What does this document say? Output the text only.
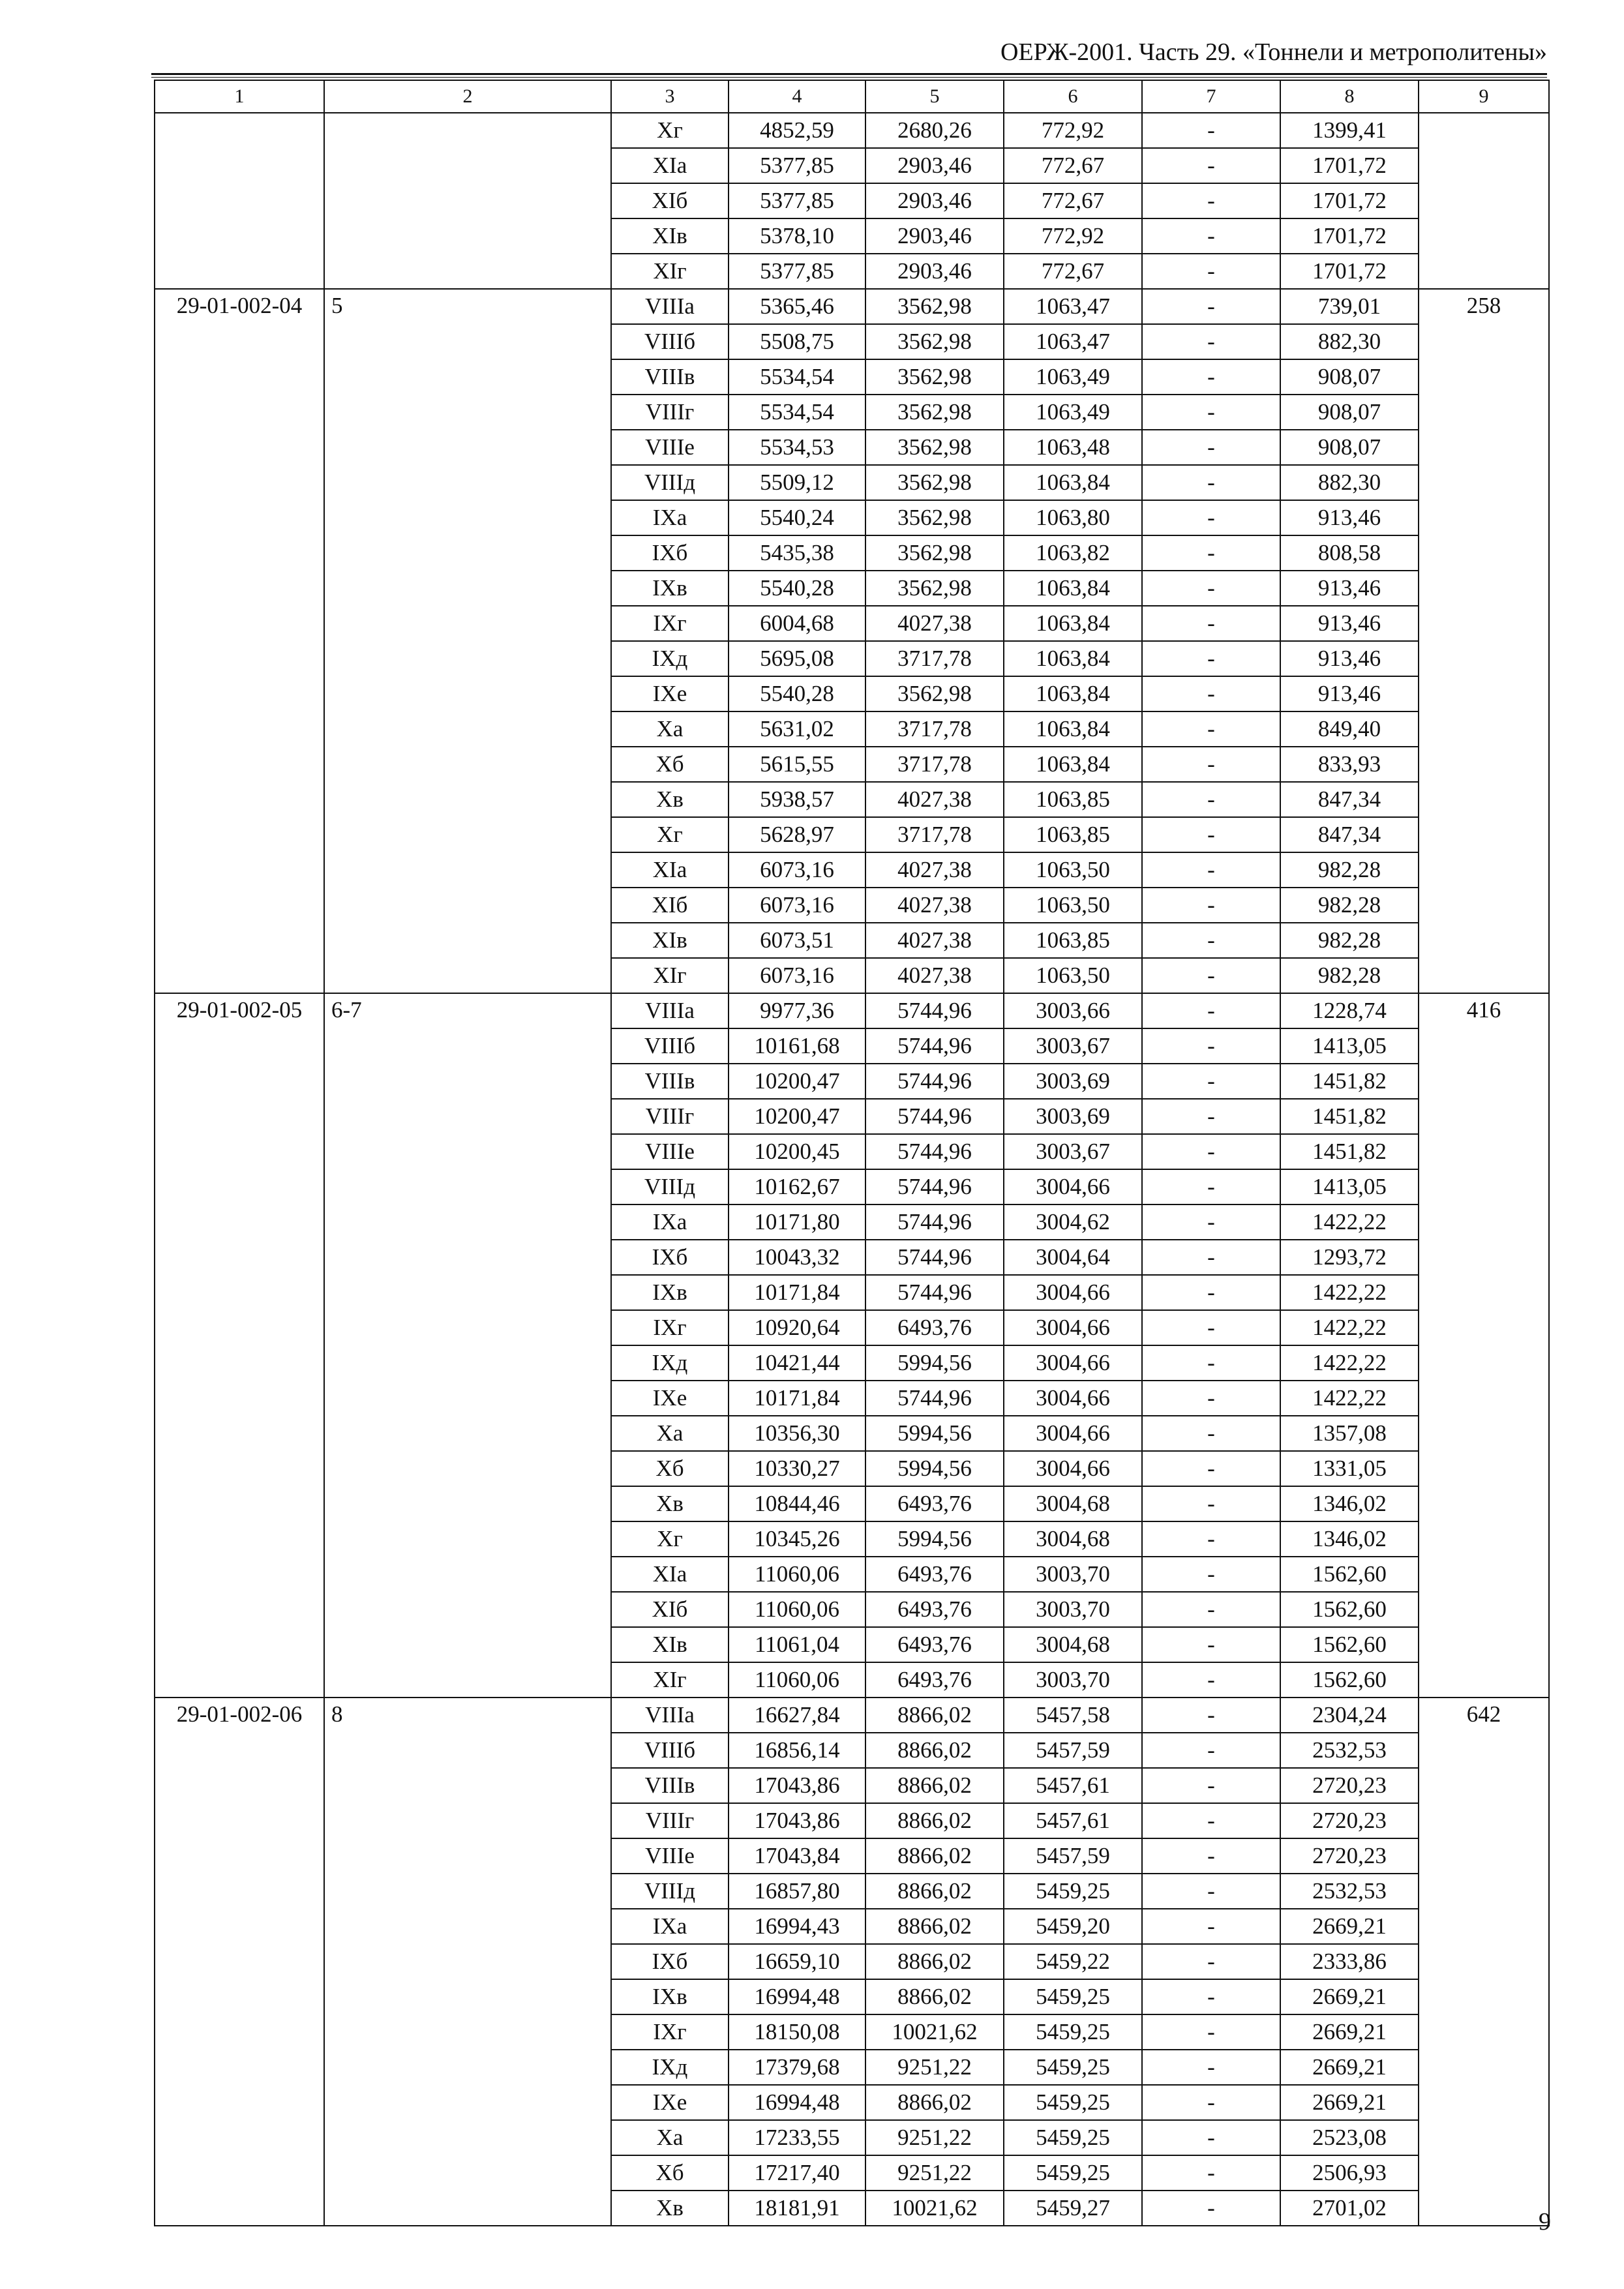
ОЕРЖ-2001. Часть 29. «Тоннели и метрополитены»
1	2	3	4	5	6	7	8	9
		Xг	4852,59	2680,26	772,92	-	1399,41	
		XIа	5377,85	2903,46	772,67	-	1701,72	
		XIб	5377,85	2903,46	772,67	-	1701,72	
		XIв	5378,10	2903,46	772,92	-	1701,72	
		XIг	5377,85	2903,46	772,67	-	1701,72	
29-01-002-04	5	VIIIа	5365,46	3562,98	1063,47	-	739,01	258
		VIIIб	5508,75	3562,98	1063,47	-	882,30	
		VIIIв	5534,54	3562,98	1063,49	-	908,07	
		VIIIг	5534,54	3562,98	1063,49	-	908,07	
		VIIIе	5534,53	3562,98	1063,48	-	908,07	
		VIIIд	5509,12	3562,98	1063,84	-	882,30	
		IXа	5540,24	3562,98	1063,80	-	913,46	
		IXб	5435,38	3562,98	1063,82	-	808,58	
		IXв	5540,28	3562,98	1063,84	-	913,46	
		IXг	6004,68	4027,38	1063,84	-	913,46	
		IXд	5695,08	3717,78	1063,84	-	913,46	
		IXе	5540,28	3562,98	1063,84	-	913,46	
		Xа	5631,02	3717,78	1063,84	-	849,40	
		Xб	5615,55	3717,78	1063,84	-	833,93	
		Xв	5938,57	4027,38	1063,85	-	847,34	
		Xг	5628,97	3717,78	1063,85	-	847,34	
		XIа	6073,16	4027,38	1063,50	-	982,28	
		XIб	6073,16	4027,38	1063,50	-	982,28	
		XIв	6073,51	4027,38	1063,85	-	982,28	
		XIг	6073,16	4027,38	1063,50	-	982,28	
29-01-002-05	6-7	VIIIа	9977,36	5744,96	3003,66	-	1228,74	416
		VIIIб	10161,68	5744,96	3003,67	-	1413,05	
		VIIIв	10200,47	5744,96	3003,69	-	1451,82	
		VIIIг	10200,47	5744,96	3003,69	-	1451,82	
		VIIIе	10200,45	5744,96	3003,67	-	1451,82	
		VIIIд	10162,67	5744,96	3004,66	-	1413,05	
		IXа	10171,80	5744,96	3004,62	-	1422,22	
		IXб	10043,32	5744,96	3004,64	-	1293,72	
		IXв	10171,84	5744,96	3004,66	-	1422,22	
		IXг	10920,64	6493,76	3004,66	-	1422,22	
		IXд	10421,44	5994,56	3004,66	-	1422,22	
		IXе	10171,84	5744,96	3004,66	-	1422,22	
		Xа	10356,30	5994,56	3004,66	-	1357,08	
		Xб	10330,27	5994,56	3004,66	-	1331,05	
		Xв	10844,46	6493,76	3004,68	-	1346,02	
		Xг	10345,26	5994,56	3004,68	-	1346,02	
		XIа	11060,06	6493,76	3003,70	-	1562,60	
		XIб	11060,06	6493,76	3003,70	-	1562,60	
		XIв	11061,04	6493,76	3004,68	-	1562,60	
		XIг	11060,06	6493,76	3003,70	-	1562,60	
29-01-002-06	8	VIIIа	16627,84	8866,02	5457,58	-	2304,24	642
		VIIIб	16856,14	8866,02	5457,59	-	2532,53	
		VIIIв	17043,86	8866,02	5457,61	-	2720,23	
		VIIIг	17043,86	8866,02	5457,61	-	2720,23	
		VIIIе	17043,84	8866,02	5457,59	-	2720,23	
		VIIIд	16857,80	8866,02	5459,25	-	2532,53	
		IXа	16994,43	8866,02	5459,20	-	2669,21	
		IXб	16659,10	8866,02	5459,22	-	2333,86	
		IXв	16994,48	8866,02	5459,25	-	2669,21	
		IXг	18150,08	10021,62	5459,25	-	2669,21	
		IXд	17379,68	9251,22	5459,25	-	2669,21	
		IXе	16994,48	8866,02	5459,25	-	2669,21	
		Xа	17233,55	9251,22	5459,25	-	2523,08	
		Xб	17217,40	9251,22	5459,25	-	2506,93	
		Xв	18181,91	10021,62	5459,27	-	2701,02	
9
